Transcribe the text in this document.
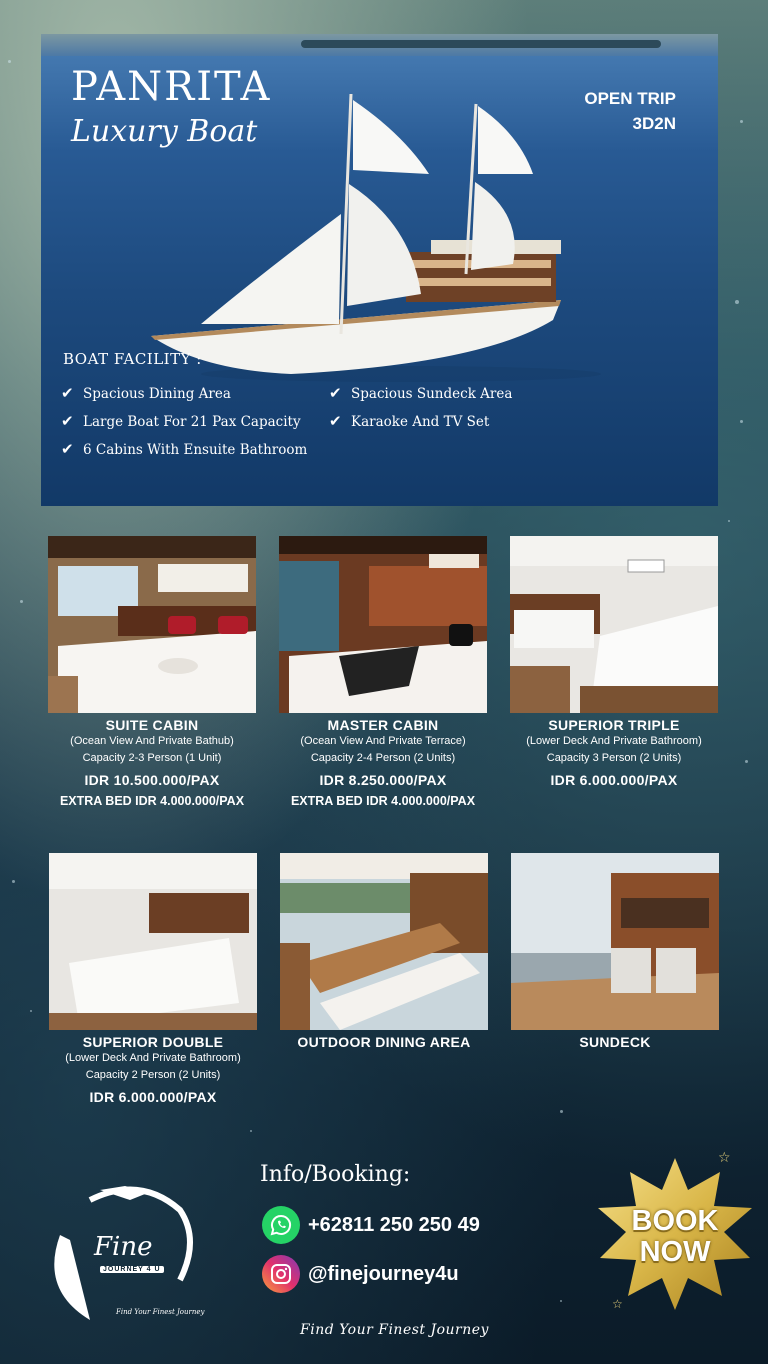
PANRITA
Luxury Boat
OPEN TRIP
3D2N
BOAT FACILITY :
✔ Spacious Dining Area
✔ Large Boat For 21 Pax Capacity
✔ 6 Cabins With Ensuite Bathroom
✔ Spacious Sundeck Area
✔ Karaoke And TV Set
SUITE CABIN
(Ocean View And Private Bathub)
Capacity 2-3 Person (1 Unit)
IDR 10.500.000/PAX
EXTRA BED IDR 4.000.000/PAX
MASTER CABIN
(Ocean View And Private Terrace)
Capacity 2-4 Person (2 Units)
IDR 8.250.000/PAX
EXTRA BED IDR 4.000.000/PAX
SUPERIOR TRIPLE
(Lower Deck And Private Bathroom)
Capacity 3 Person (2 Units)
IDR 6.000.000/PAX
SUPERIOR DOUBLE
(Lower Deck And Private Bathroom)
Capacity 2 Person (2 Units)
IDR 6.000.000/PAX
OUTDOOR DINING AREA	SUNDECK
Fine
JOURNEY 4 U
Find Your Finest Journey
Info/Booking:
+62811 250 250 49
@finejourney4u
Find Your Finest Journey
☆
☆
BOOK
NOW
